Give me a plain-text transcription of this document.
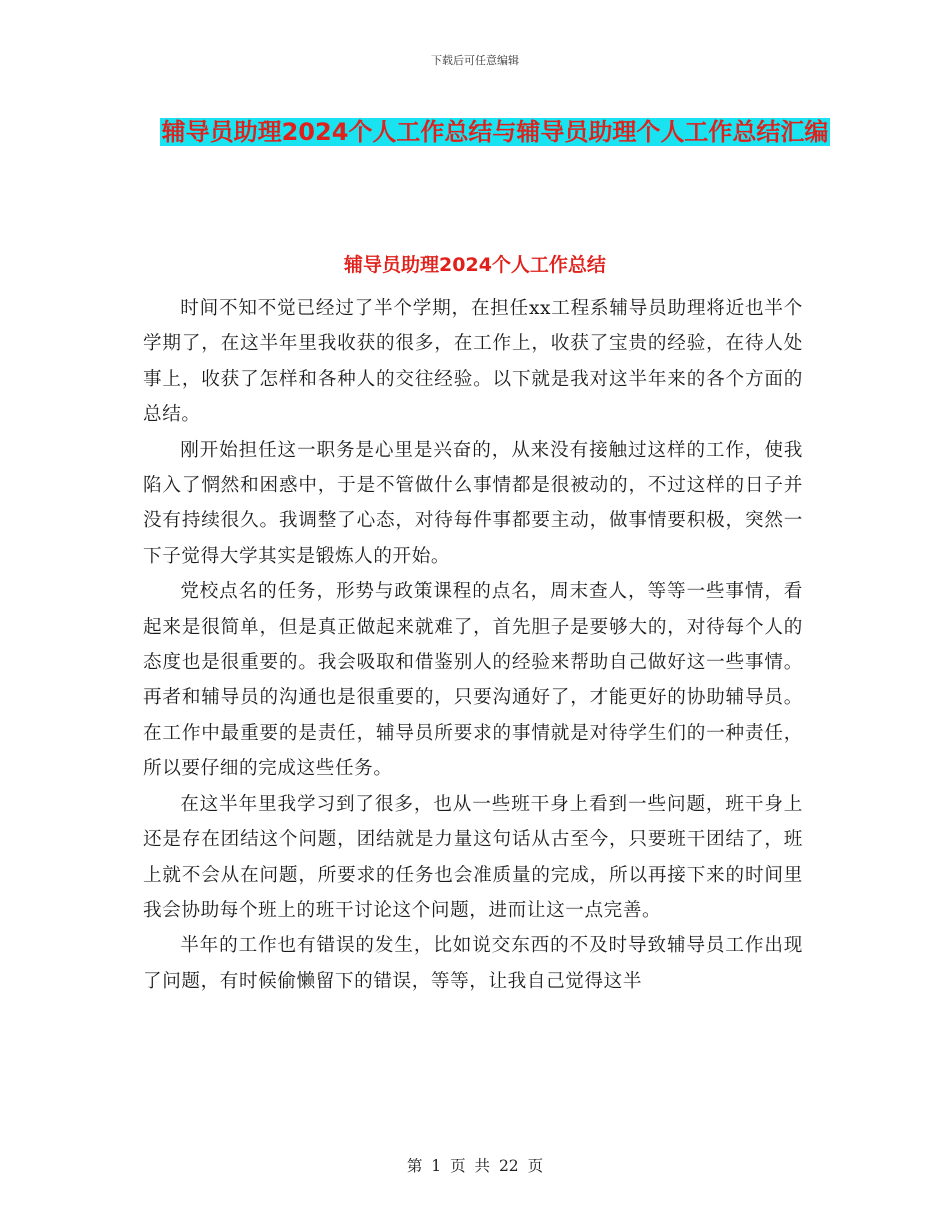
下载后可任意编辑
辅导员助理2024个人工作总结与辅导员助理个人工作总结汇编
辅导员助理2024个人工作总结

时间不知不觉已经过了半个学期，在担任xx工程系辅导员助理将近也半个学期了，在这半年里我收获的很多，在工作上，收获了宝贵的经验，在待人处事上，收获了怎样和各种人的交往经验。以下就是我对这半年来的各个方面的总结。

刚开始担任这一职务是心里是兴奋的，从来没有接触过这样的工作，使我陷入了惘然和困惑中，于是不管做什么事情都是很被动的，不过这样的日子并没有持续很久。我调整了心态，对待每件事都要主动，做事情要积极，突然一下子觉得大学其实是锻炼人的开始。

党校点名的任务，形势与政策课程的点名，周末查人，等等一些事情，看起来是很简单，但是真正做起来就难了，首先胆子是要够大的，对待每个人的态度也是很重要的。我会吸取和借鉴别人的经验来帮助自己做好这一些事情。再者和辅导员的沟通也是很重要的，只要沟通好了，才能更好的协助辅导员。在工作中最重要的是责任，辅导员所要求的事情就是对待学生们的一种责任，所以要仔细的完成这些任务。

在这半年里我学习到了很多，也从一些班干身上看到一些问题，班干身上还是存在团结这个问题，团结就是力量这句话从古至今，只要班干团结了，班上就不会从在问题，所要求的任务也会准质量的完成，所以再接下来的时间里我会协助每个班上的班干讨论这个问题，进而让这一点完善。

半年的工作也有错误的发生，比如说交东西的不及时导致辅导员工作出现了问题，有时候偷懒留下的错误，等等，让我自己觉得这半

第 1 页 共 22 页
